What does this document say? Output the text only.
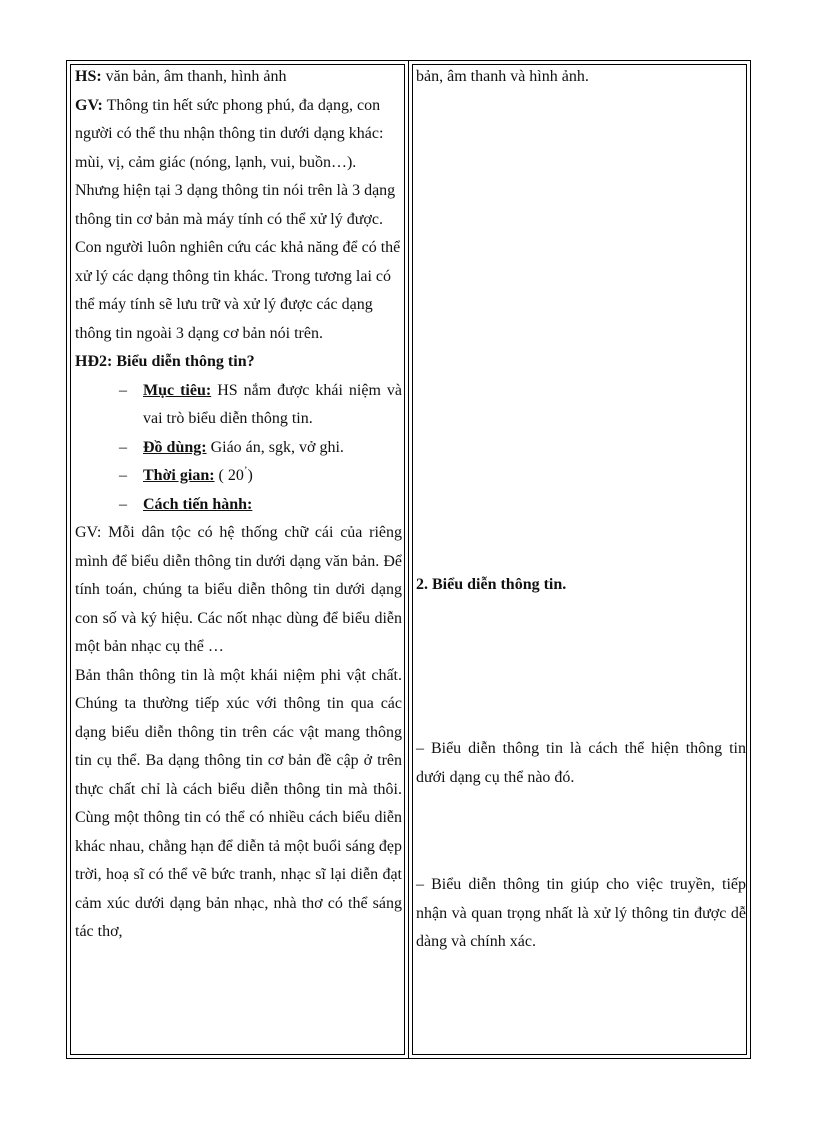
HS: văn bản, âm thanh, hình ảnh

GV: Thông tin hết sức phong phú, đa dạng, con người có thể thu nhận thông tin dưới dạng khác: mùi, vị, cảm giác (nóng, lạnh, vui, buồn…). Nhưng hiện tại 3 dạng thông tin nói trên là 3 dạng thông tin cơ bản mà máy tính có thể xử lý được. Con người luôn nghiên cứu các khả năng để có thể xử lý các dạng thông tin khác. Trong tương lai có thể máy tính sẽ lưu trữ và xử lý được các dạng thông tin ngoài 3 dạng cơ bản nói trên.

HĐ2: Biểu diễn thông tin?

– Mục tiêu: HS nắm được khái niệm và vai trò biểu diễn thông tin.

– Đồ dùng: Giáo án, sgk, vở ghi.

– Thời gian: ( 20’)

– Cách tiến hành:

GV: Mỗi dân tộc có hệ thống chữ cái của riêng mình để biểu diễn thông tin dưới dạng văn bản. Để tính toán, chúng ta biểu diễn thông tin dưới dạng con số và ký hiệu. Các nốt nhạc dùng để biểu diễn một bản nhạc cụ thể …

Bản thân thông tin là một khái niệm phi vật chất. Chúng ta thường tiếp xúc với thông tin qua các dạng biểu diễn thông tin trên các vật mang thông tin cụ thể. Ba dạng thông tin cơ bản đề cập ở trên thực chất chỉ là cách biểu diễn thông tin mà thôi. Cùng một thông tin có thể có nhiều cách biểu diễn khác nhau, chẳng hạn để diễn tả một buổi sáng đẹp trời, hoạ sĩ có thể vẽ bức tranh, nhạc sĩ lại diễn đạt cảm xúc dưới dạng bản nhạc, nhà thơ có thể sáng tác thơ,

bản, âm thanh và hình ảnh.

2. Biểu diễn thông tin.

– Biểu diễn thông tin là cách thể hiện thông tin dưới dạng cụ thể nào đó.

– Biểu diễn thông tin giúp cho việc truyền, tiếp nhận và quan trọng nhất là xử lý thông tin được dễ dàng và chính xác.
